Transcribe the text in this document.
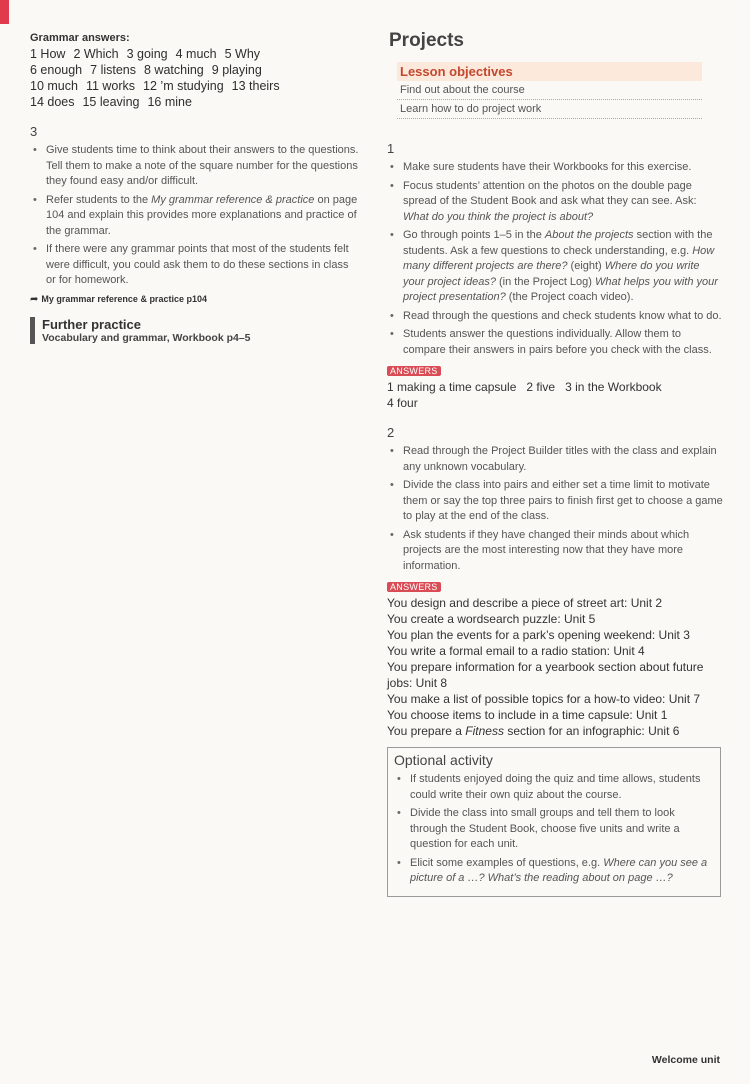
Grammar answers:
1 How 2 Which 3 going 4 much 5 Why
6 enough 7 listens 8 watching 9 playing
10 much 11 works 12 ’m studying 13 theirs
14 does 15 leaving 16 mine
3
• Give students time to think about their answers to the questions. Tell them to make a note of the square number for the questions they found easy and/or difficult.
• Refer students to the My grammar reference & practice on page 104 and explain this provides more explanations and practice of the grammar.
• If there were any grammar points that most of the students felt were difficult, you could ask them to do these sections in class or for homework.
➦ My grammar reference & practice p104
Further practice
Vocabulary and grammar, Workbook p4–5
Projects
Lesson objectives
Find out about the course
Learn how to do project work
1
• Make sure students have their Workbooks for this exercise.
• Focus students’ attention on the photos on the double page spread of the Student Book and ask what they can see. Ask: What do you think the project is about?
• Go through points 1–5 in the About the projects section with the students. Ask a few questions to check understanding, e.g. How many different projects are there? (eight) Where do you write your project ideas? (in the Project Log) What helps you with your project presentation? (the Project coach video).
• Read through the questions and check students know what to do.
• Students answer the questions individually. Allow them to compare their answers in pairs before you check with the class.
ANSWERS
1 making a time capsule 2 five 3 in the Workbook
4 four
2
• Read through the Project Builder titles with the class and explain any unknown vocabulary.
• Divide the class into pairs and either set a time limit to motivate them or say the top three pairs to finish first get to choose a game to play at the end of the class.
• Ask students if they have changed their minds about which projects are the most interesting now that they have more information.
ANSWERS
You design and describe a piece of street art: Unit 2
You create a wordsearch puzzle: Unit 5
You plan the events for a park’s opening weekend: Unit 3
You write a formal email to a radio station: Unit 4
You prepare information for a yearbook section about future jobs: Unit 8
You make a list of possible topics for a how-to video: Unit 7
You choose items to include in a time capsule: Unit 1
You prepare a Fitness section for an infographic: Unit 6
Optional activity
• If students enjoyed doing the quiz and time allows, students could write their own quiz about the course.
• Divide the class into small groups and tell them to look through the Student Book, choose five units and write a question for each unit.
• Elicit some examples of questions, e.g. Where can you see a picture of a …? What’s the reading about on page …?
Welcome unit
